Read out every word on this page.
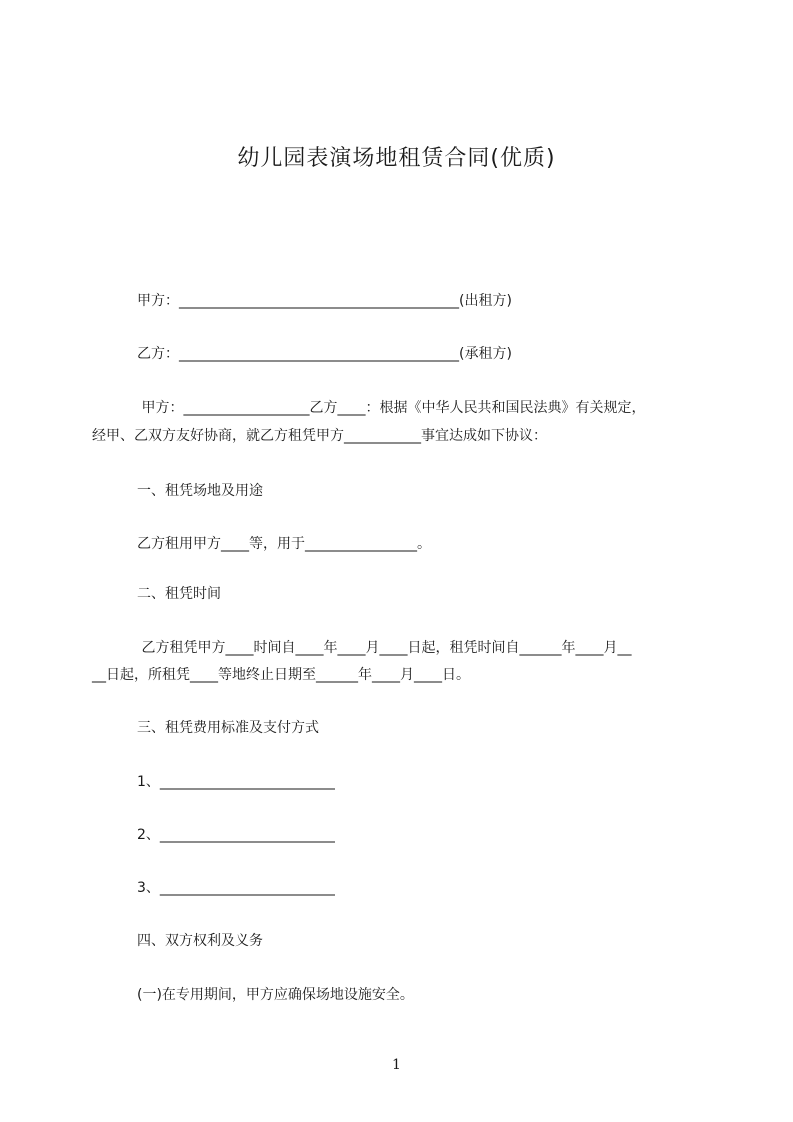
幼儿园表演场地租赁合同(优质)
甲方：________________________________________(出租方)
乙方：________________________________________(承租方)
甲方：__________________乙方____：根据《中华人民共和国民法典》有关规定，
经甲、乙双方友好协商，就乙方租凭甲方___________事宜达成如下协议：
一、租凭场地及用途
乙方租用甲方____等，用于________________。
二、租凭时间
乙方租凭甲方____时间自____年____月____日起，租凭时间自______年____月__
__日起，所租凭____等地终止日期至______年____月____日。
三、租凭费用标准及支付方式
1、_________________________
2、_________________________
3、_________________________
四、双方权利及义务
(一)在专用期间，甲方应确保场地设施安全。
1
